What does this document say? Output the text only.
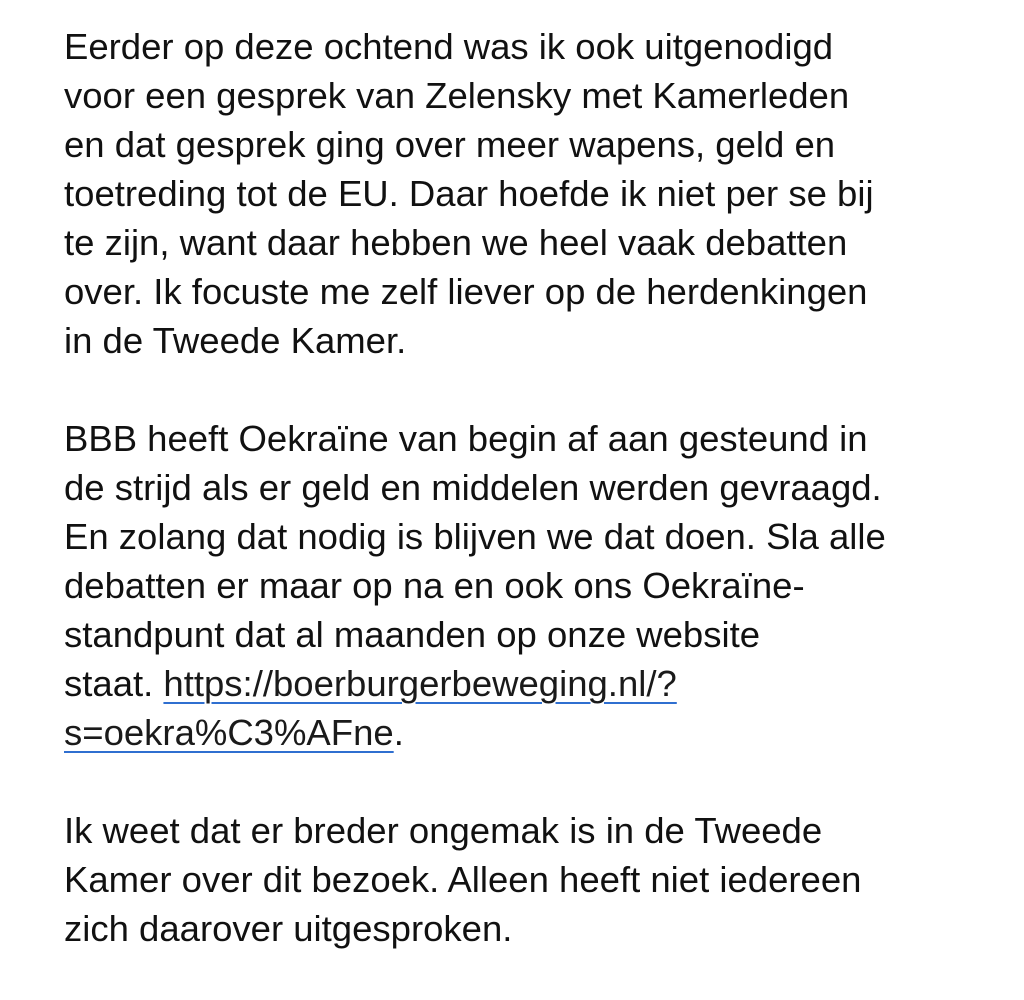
Eerder op deze ochtend was ik ook uitgenodigd
voor een gesprek van Zelensky met Kamerleden
en dat gesprek ging over meer wapens, geld en
toetreding tot de EU. Daar hoefde ik niet per se bij
te zijn, want daar hebben we heel vaak debatten
over. Ik focuste me zelf liever op de herdenkingen
in de Tweede Kamer.

BBB heeft Oekraïne van begin af aan gesteund in
de strijd als er geld en middelen werden gevraagd.
En zolang dat nodig is blijven we dat doen. Sla alle
debatten er maar op na en ook ons Oekraïne-
standpunt dat al maanden op onze website
staat. https://boerburgerbeweging.nl/?
s=oekra%C3%AFne.

Ik weet dat er breder ongemak is in de Tweede
Kamer over dit bezoek. Alleen heeft niet iedereen
zich daarover uitgesproken.
